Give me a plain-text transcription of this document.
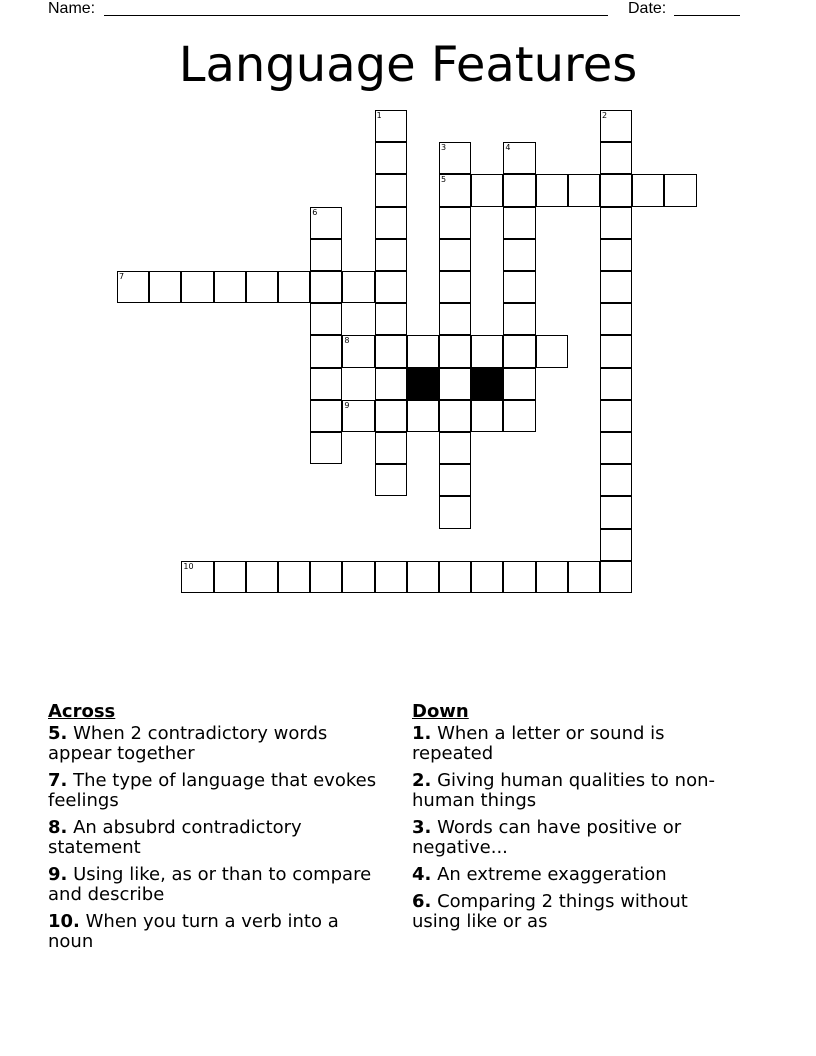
Name:	Date:
Language Features
1	2
3	4
5
6
7
8
9
10
Across
5. When 2 contradictory words appear together
7. The type of language that evokes feelings
8. An absubrd contradictory statement
9. Using like, as or than to compare and describe
10. When you turn a verb into a noun
Down
1. When a letter or sound is repeated
2. Giving human qualities to non-human things
3. Words can have positive or negative...
4. An extreme exaggeration
6. Comparing 2 things without using like or as
